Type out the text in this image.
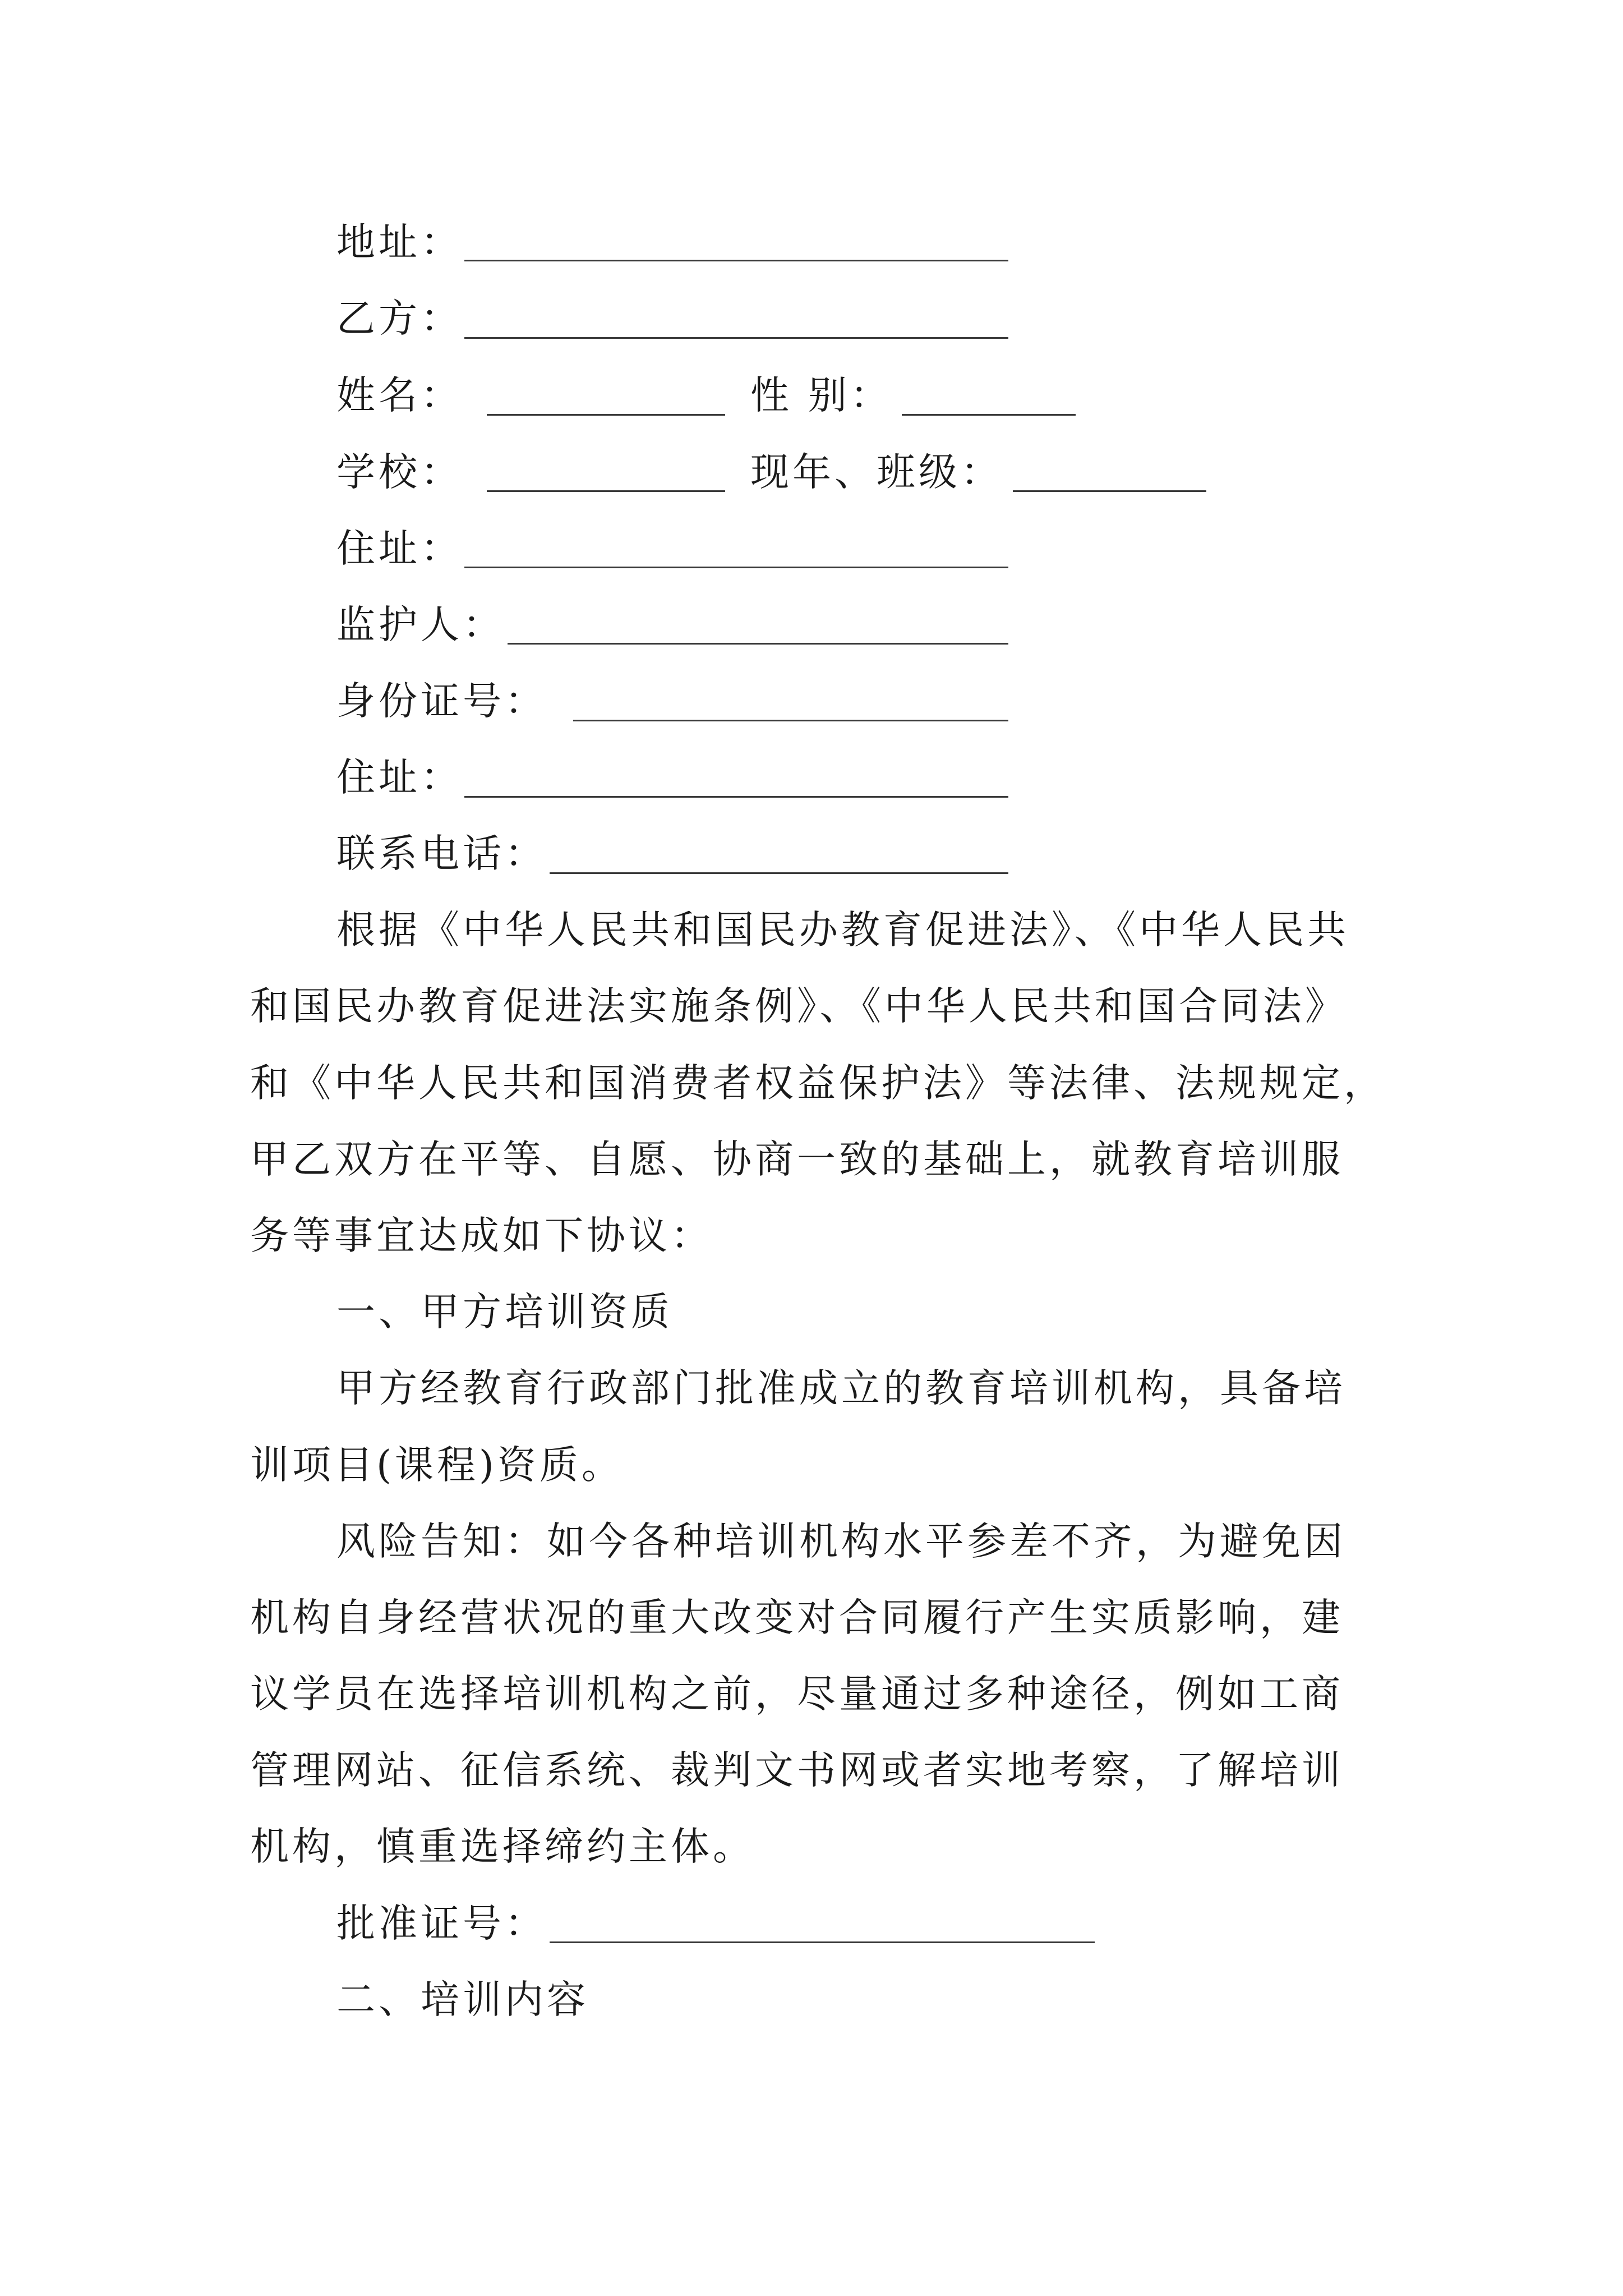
地址：
乙方：
姓名：	性 别：
学校：	现年、班级：
住址：
监护人：
身份证号：
住址：
联系电话：
根据《中华人民共和国民办教育促进法》、《中华人民共
和国民办教育促进法实施条例》、《中华人民共和国合同法》
和《中华人民共和国消费者权益保护法》等法律、法规规定，
甲乙双方在平等、自愿、协商一致的基础上，就教育培训服
务等事宜达成如下协议：
一、甲方培训资质
甲方经教育行政部门批准成立的教育培训机构，具备培
训项目(课程)资质。
风险告知：如今各种培训机构水平参差不齐，为避免因
机构自身经营状况的重大改变对合同履行产生实质影响，建
议学员在选择培训机构之前，尽量通过多种途径，例如工商
管理网站、征信系统、裁判文书网或者实地考察，了解培训
机构，慎重选择缔约主体。
批准证号：
二、培训内容
